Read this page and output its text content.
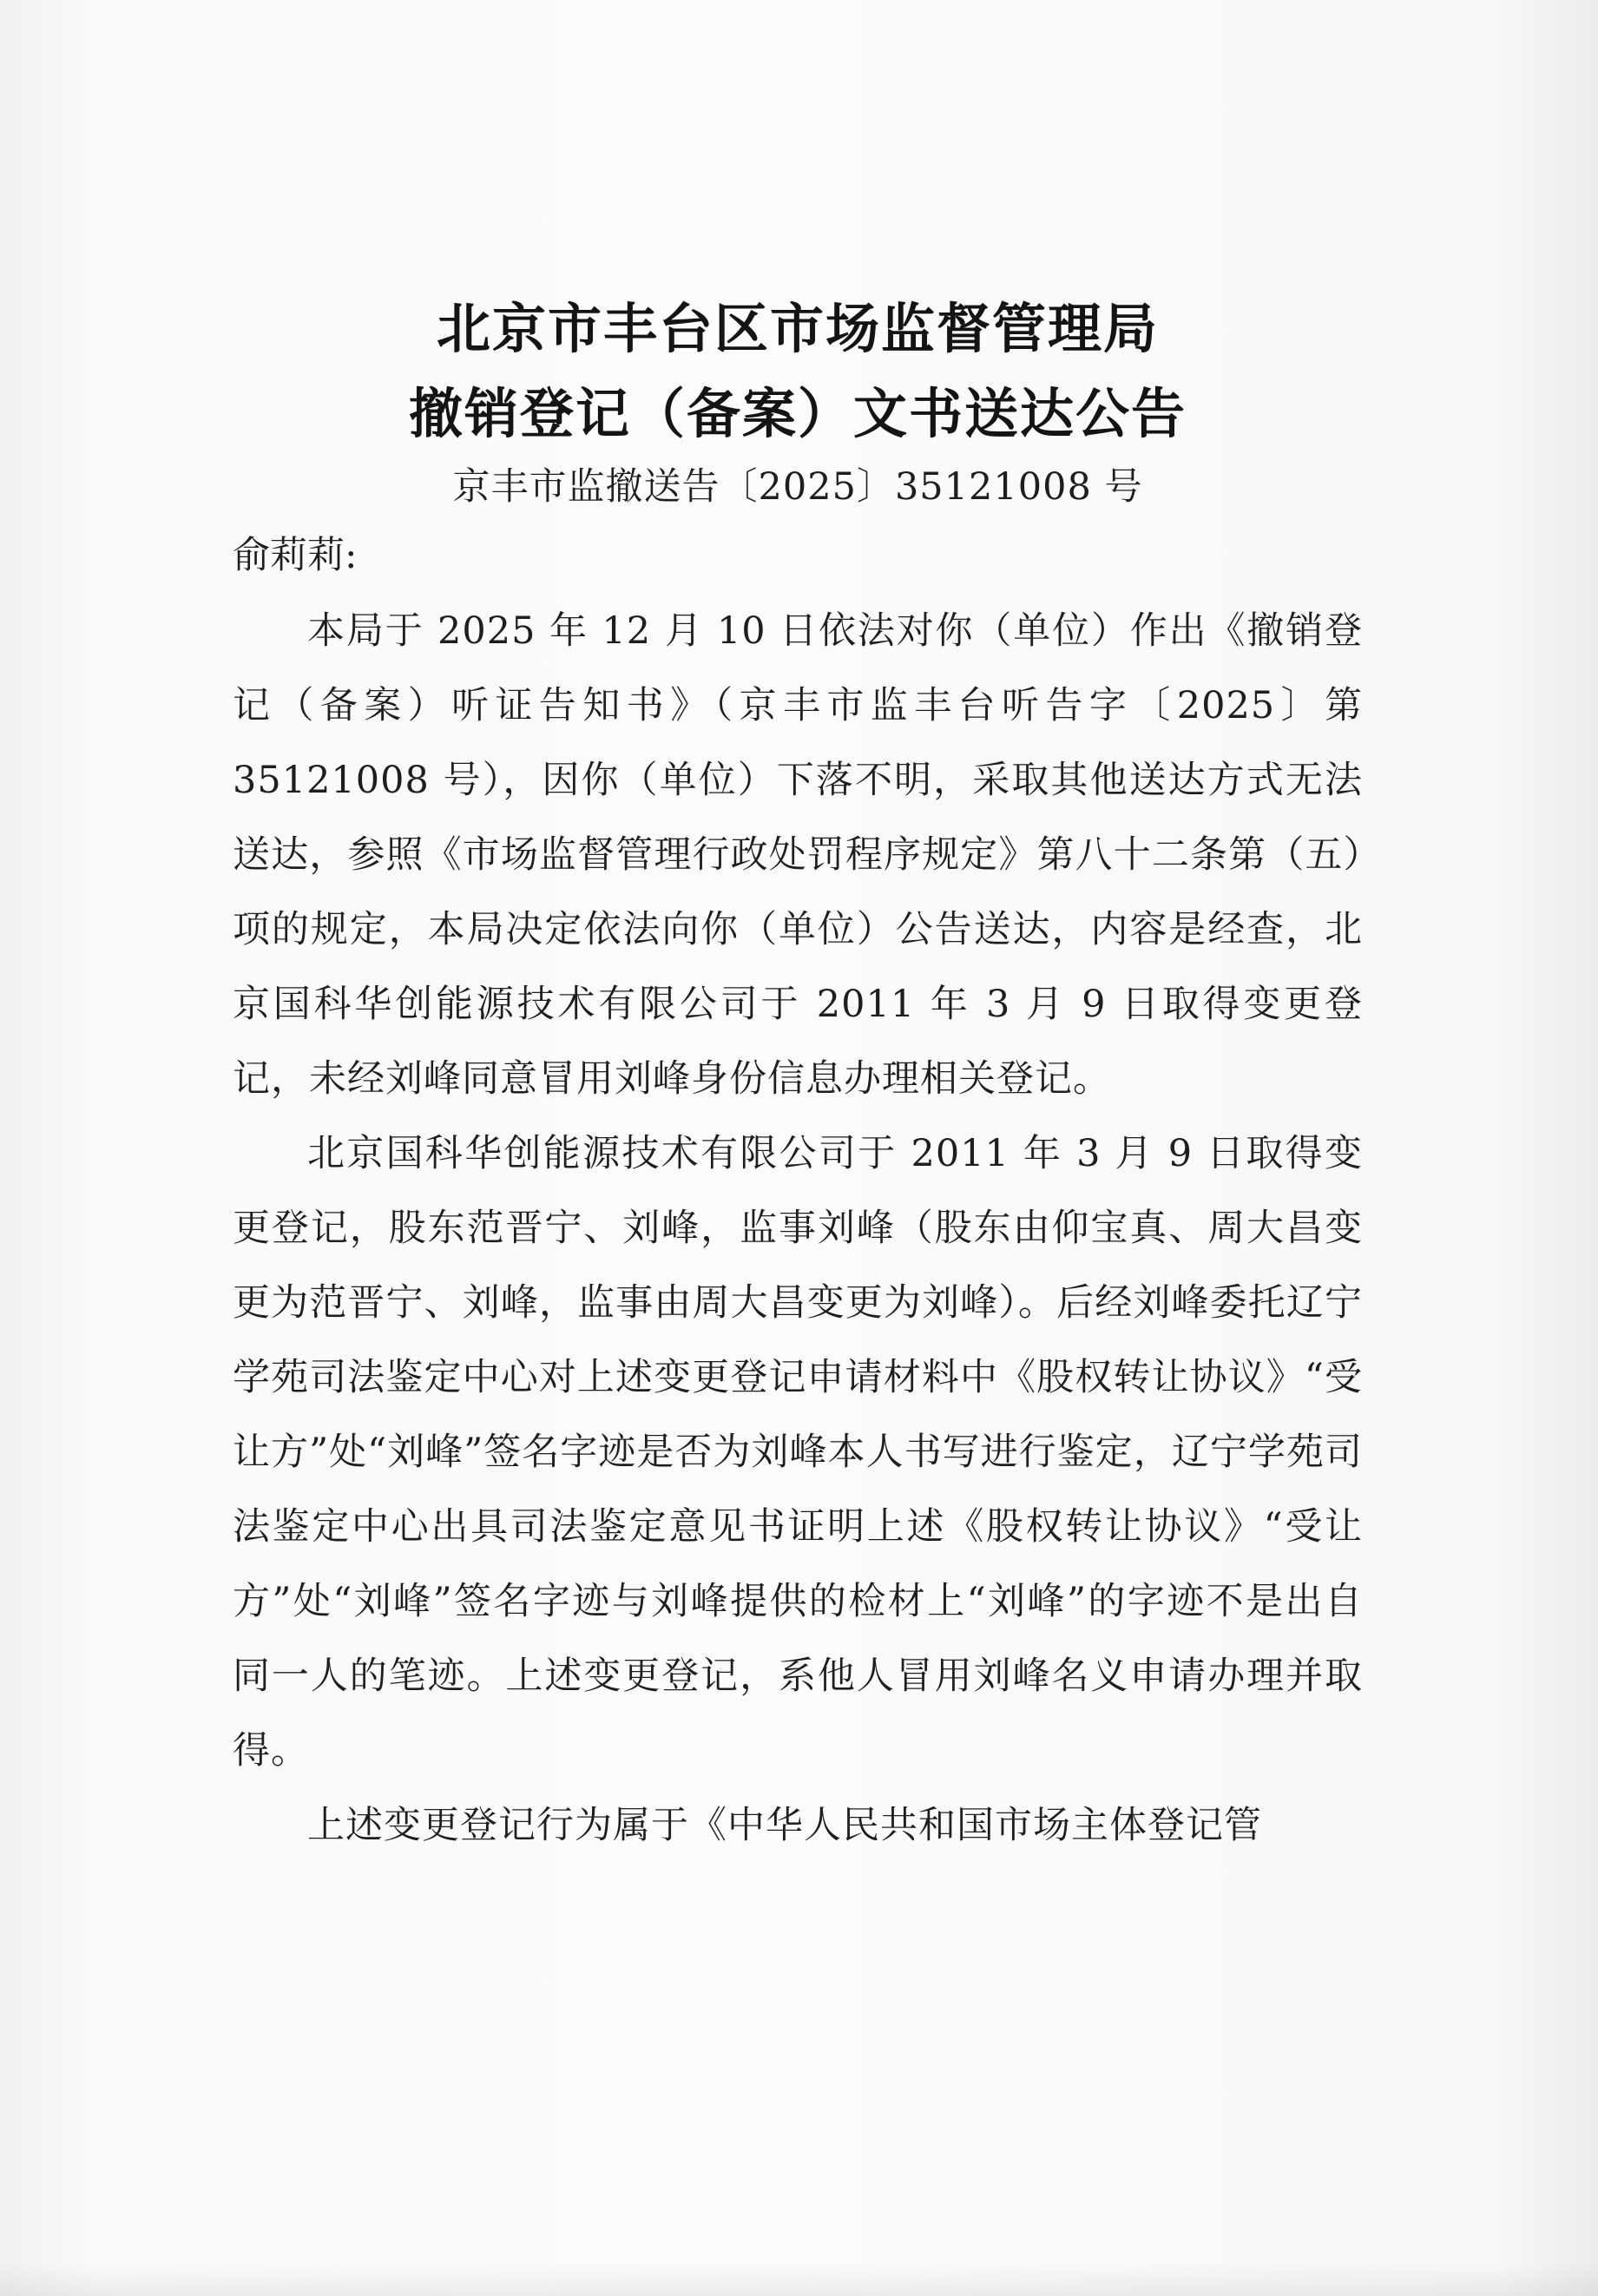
北京市丰台区市场监督管理局
撤销登记（备案）文书送达公告
京丰市监撤送告〔2025〕35121008 号
俞莉莉:

本局于 2025 年 12 月 10 日依法对你（单位）作出《撤销登记（备案）听证告知书》（京丰市监丰台听告字〔2025〕第 35121008 号），因你（单位）下落不明，采取其他送达方式无法送达，参照《市场监督管理行政处罚程序规定》第八十二条第（五）项的规定，本局决定依法向你（单位）公告送达，内容是经查，北京国科华创能源技术有限公司于 2011 年 3 月 9 日取得变更登记，未经刘峰同意冒用刘峰身份信息办理相关登记。

北京国科华创能源技术有限公司于 2011 年 3 月 9 日取得变更登记，股东范晋宁、刘峰，监事刘峰（股东由仰宝真、周大昌变更为范晋宁、刘峰，监事由周大昌变更为刘峰）。后经刘峰委托辽宁学苑司法鉴定中心对上述变更登记申请材料中《股权转让协议》“受让方”处“刘峰”签名字迹是否为刘峰本人书写进行鉴定，辽宁学苑司法鉴定中心出具司法鉴定意见书证明上述《股权转让协议》“受让方”处“刘峰”签名字迹与刘峰提供的检材上“刘峰”的字迹不是出自同一人的笔迹。上述变更登记，系他人冒用刘峰名义申请办理并取得。

上述变更登记行为属于《中华人民共和国市场主体登记管
